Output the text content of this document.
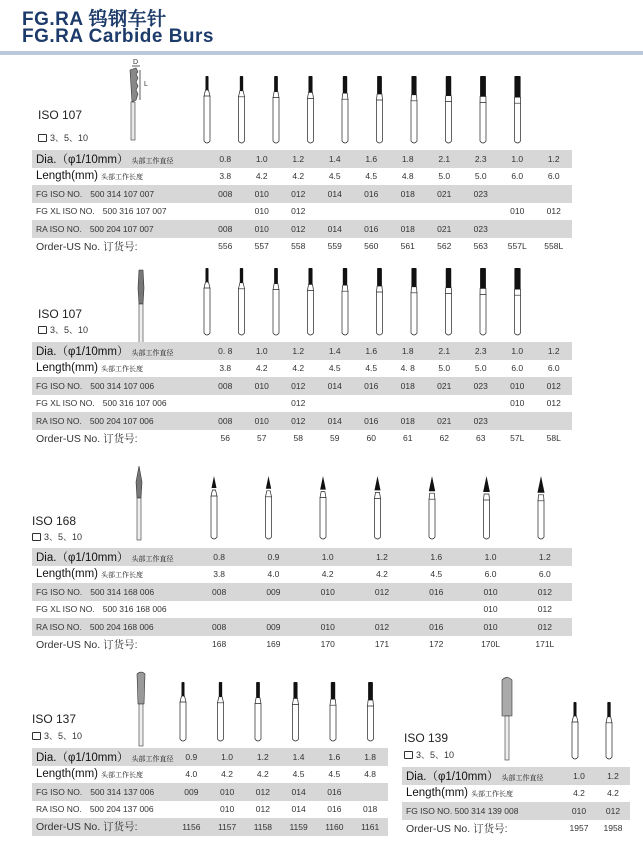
FG.RA 钨钢车针
FG.RA Carbide Burs
D
L
ISO 107
3、5、10
Dia.（φ1/10mm） 头部工作直径	0.8	1.0	1.2	1.4	1.6	1.8	2.1	2.3	1.0	1.2
Length(mm) 头部工作长度	3.8	4.2	4.2	4.5	4.5	4.8	5.0	5.0	6.0	6.0
FG ISO NO. 500 314 107 007	008	010	012	014	016	018	021	023		
FG XL ISO NO. 500 316 107 007		010	012						010	012
RA ISO NO. 500 204 107 007	008	010	012	014	016	018	021	023		
Order-US No. 订货号:	556	557	558	559	560	561	562	563	557L	558L
ISO 107
3、5、10
Dia.（φ1/10mm） 头部工作直径	0. 8	1.0	1.2	1.4	1.6	1.8	2.1	2.3	1.0	1.2
Length(mm) 头部工作长度	3.8	4.2	4.2	4.5	4.5	4. 8	5.0	5.0	6.0	6.0
FG ISO NO. 500 314 107 006	008	010	012	014	016	018	021	023	010	012
FG XL ISO NO. 500 316 107 006			012						010	012
RA ISO NO. 500 204 107 006	008	010	012	014	016	018	021	023		
Order-US No. 订货号:	56	57	58	59	60	61	62	63	57L	58L
ISO 168
3、5、10
Dia.（φ1/10mm） 头部工作直径	0.8	0.9	1.0	1.2	1.6	1.0	1.2
Length(mm) 头部工作长度	3.8	4.0	4.2	4.2	4.5	6.0	6.0
FG ISO NO. 500 314 168 006	008	009	010	012	016	010	012
FG XL ISO NO. 500 316 168 006						010	012
RA ISO NO. 500 204 168 006	008	009	010	012	016	010	012
Order-US No. 订货号:	168	169	170	171	172	170L	171L
ISO 137
3、5、10
Dia.（φ1/10mm） 头部工作直径	0.9	1.0	1.2	1.4	1.6	1.8
Length(mm) 头部工作长度	4.0	4.2	4.2	4.5	4.5	4.8
FG ISO NO. 500 314 137 006	009	010	012	014	016	
RA ISO NO. 500 204 137 006		010	012	014	016	018
Order-US No. 订货号:	1156	1157	1158	1159	1160	1161
ISO 139
3、5、10
Dia.（φ1/10mm） 头部工作直径	1.0	1.2
Length(mm) 头部工作长度	4.2	4.2
FG ISO NO. 500 314 139 008	010	012
Order-US No. 订货号:	1957	1958
